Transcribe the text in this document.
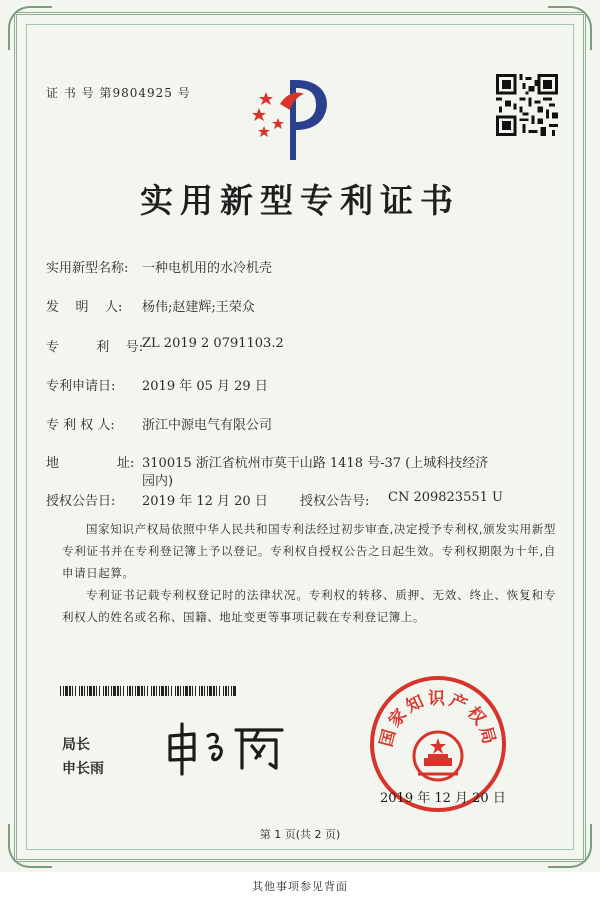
证 书 号 第9804925 号
实用新型专利证书
实用新型名称: 一种电机用的水冷机壳
发    明    人: 杨伟;赵建辉;王荣众
专         利    号:
ZL 2019 2 0791103.2
专利申请日: 2019 年 05 月 29 日
专 利 权 人: 浙江中源电气有限公司
地              址: 310015 浙江省杭州市莫干山路 1418 号-37 (上城科技经济
园内)
授权公告日: 2019 年 12 月 20 日 授权公告号: CN 209823551 U
国家知识产权局依照中华人民共和国专利法经过初步审查,决定授予专利权,颁发实用新型专利证书并在专利登记簿上予以登记。专利权自授权公告之日起生效。专利权期限为十年,自申请日起算。
专利证书记载专利权登记时的法律状况。专利权的转移、质押、无效、终止、恢复和专利权人的姓名或名称、国籍、地址变更等事项记载在专利登记簿上。
局长
申长雨
国家知识产权局
2019 年 12 月 20 日
第 1 页(共 2 页)
其他事项参见背面
